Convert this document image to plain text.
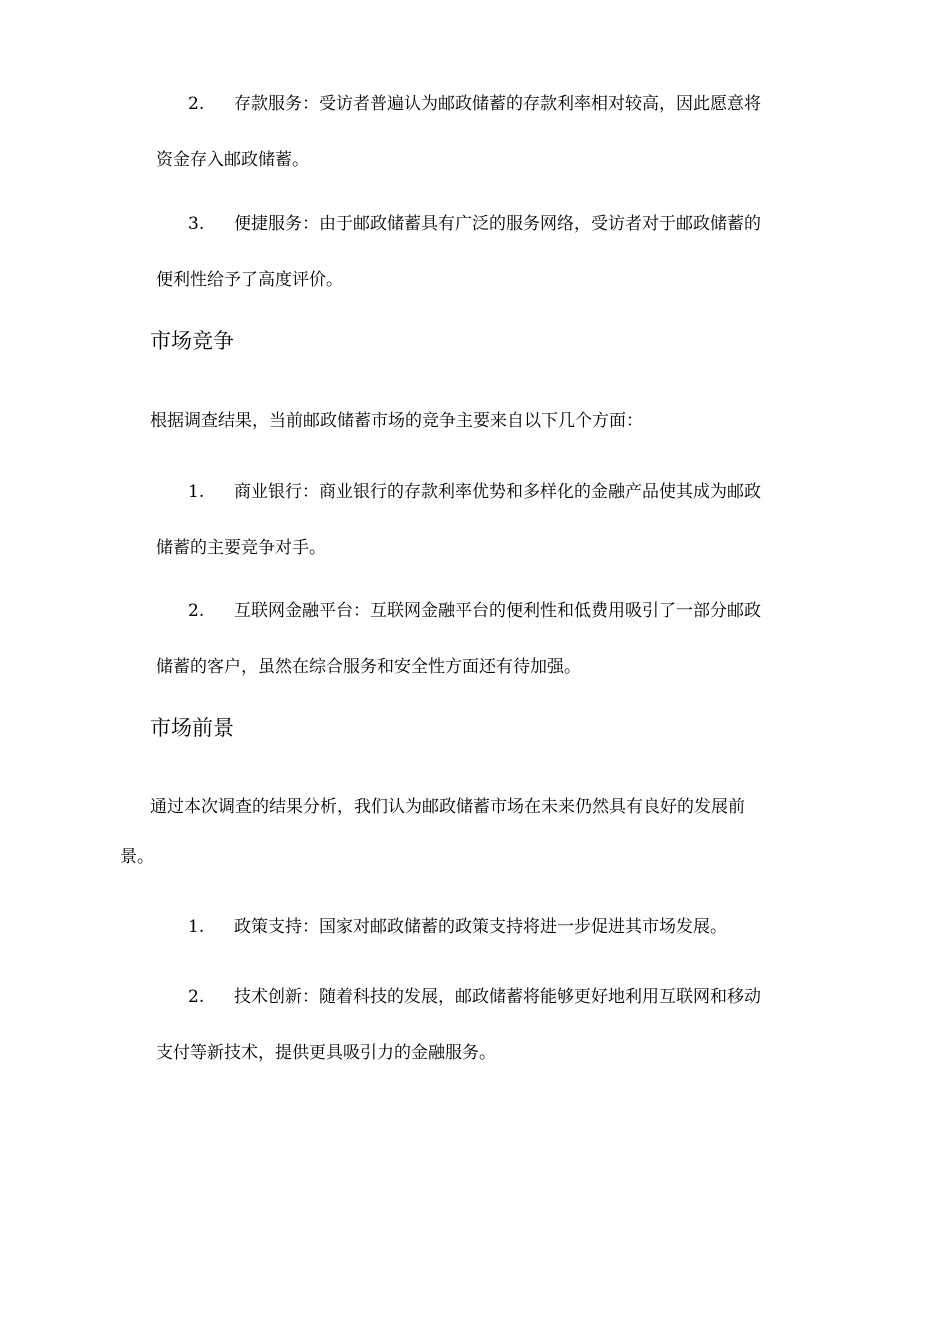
2. 存款服务：受访者普遍认为邮政储蓄的存款利率相对较高，因此愿意将
资金存入邮政储蓄。
3. 便捷服务：由于邮政储蓄具有广泛的服务网络，受访者对于邮政储蓄的
便利性给予了高度评价。
市场竞争
根据调查结果，当前邮政储蓄市场的竞争主要来自以下几个方面：
1. 商业银行：商业银行的存款利率优势和多样化的金融产品使其成为邮政
储蓄的主要竞争对手。
2. 互联网金融平台：互联网金融平台的便利性和低费用吸引了一部分邮政
储蓄的客户，虽然在综合服务和安全性方面还有待加强。
市场前景
通过本次调查的结果分析，我们认为邮政储蓄市场在未来仍然具有良好的发展前
景。
1. 政策支持：国家对邮政储蓄的政策支持将进一步促进其市场发展。
2. 技术创新：随着科技的发展，邮政储蓄将能够更好地利用互联网和移动
支付等新技术，提供更具吸引力的金融服务。
